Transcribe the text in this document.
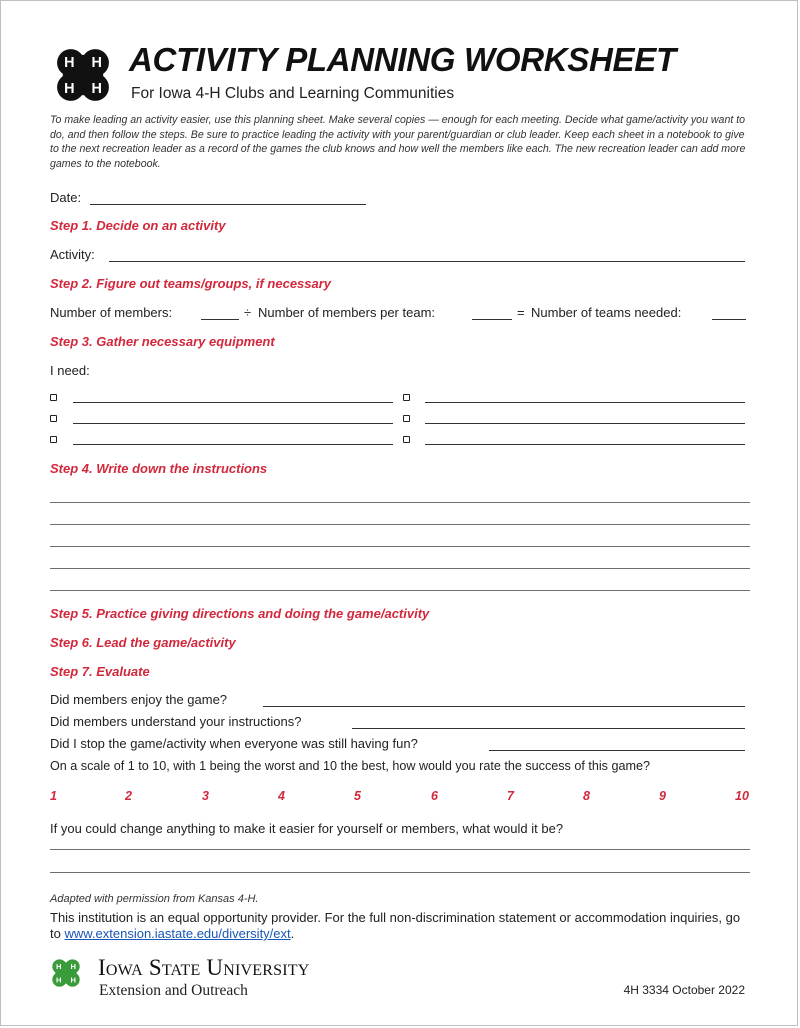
H H
H H
ACTIVITY PLANNING WORKSHEET
For Iowa 4-H Clubs and Learning Communities
To make leading an activity easier, use this planning sheet. Make several copies — enough for each meeting. Decide what game/activity you want to do, and then follow the steps. Be sure to practice leading the activity with your parent/guardian or club leader. Keep each sheet in a notebook to give to the next recreation leader as a record of the games the club knows and how well the members like each. The new recreation leader can add more games to the notebook.
Date:
Step 1. Decide on an activity
Activity:
Step 2. Figure out teams/groups, if necessary
Number of members:	÷ Number of members per team:	= Number of teams needed:
Step 3. Gather necessary equipment
I need:
Step 4. Write down the instructions
Step 5. Practice giving directions and doing the game/activity
Step 6. Lead the game/activity
Step 7. Evaluate
Did members enjoy the game?
Did members understand your instructions?
Did I stop the game/activity when everyone was still having fun?
On a scale of 1 to 10, with 1 being the worst and 10 the best, how would you rate the success of this game?
1	2	3	4	5	6	7	8	9	10
If you could change anything to make it easier for yourself or members, what would it be?
Adapted with permission from Kansas 4-H.
This institution is an equal opportunity provider. For the full non-discrimination statement or accommodation inquiries, go to www.extension.iastate.edu/diversity/ext.
H H
H H Iowa State University
Extension and Outreach	4H 3334 October 2022
